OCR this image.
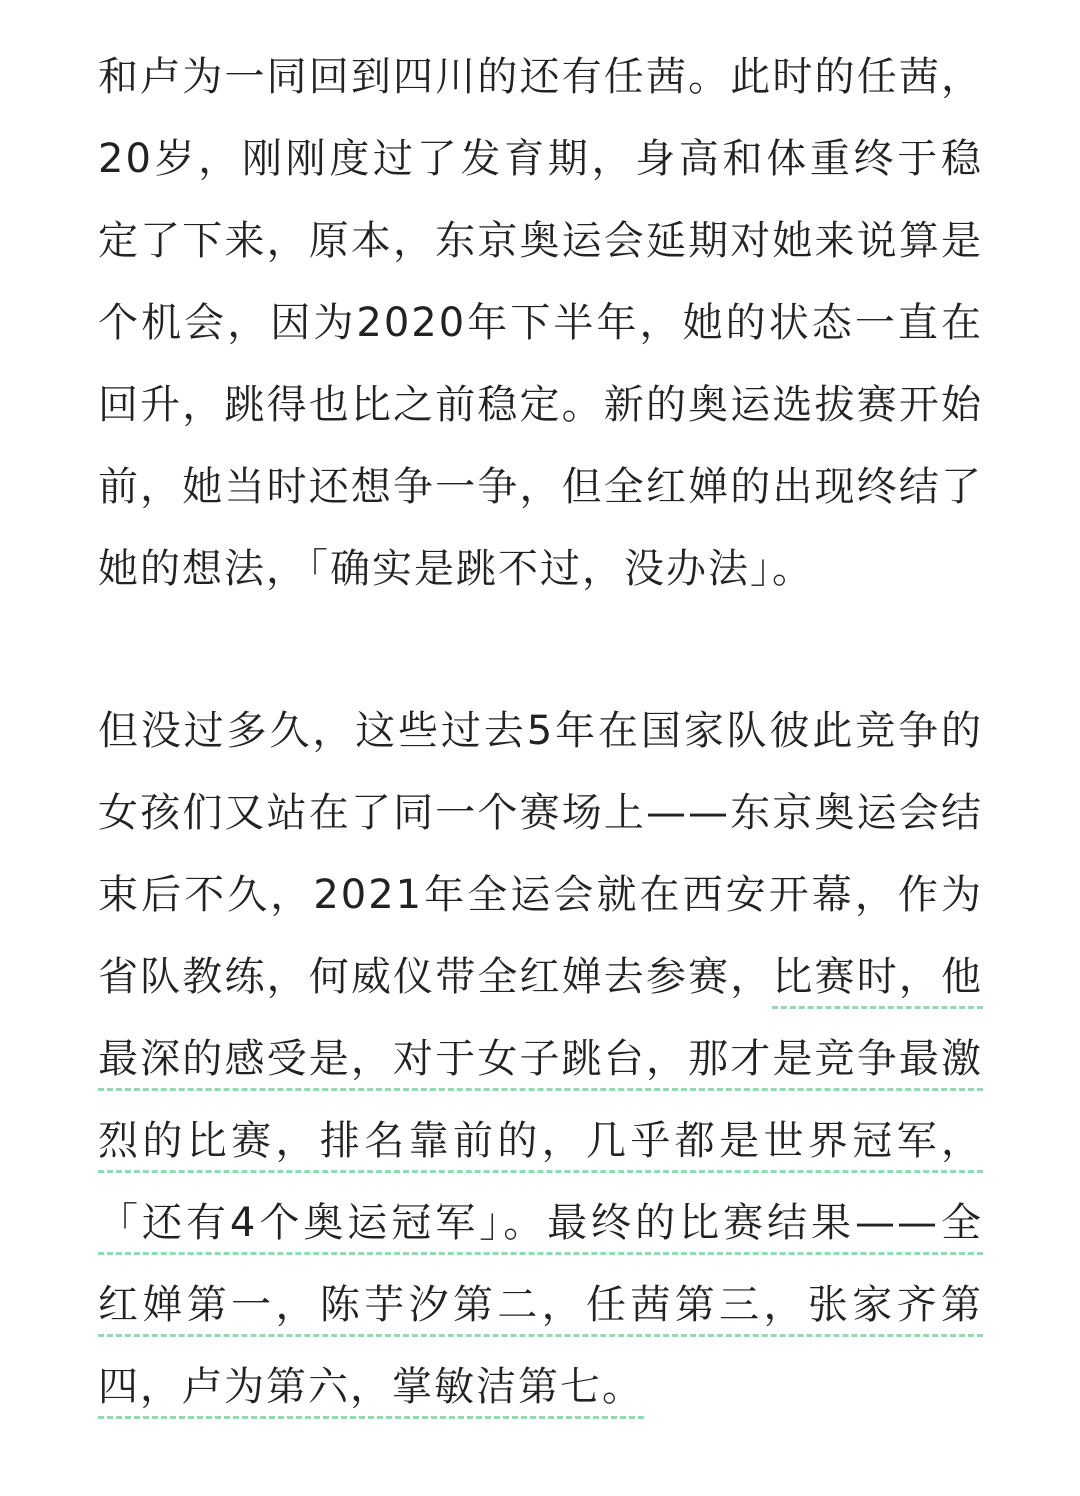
和卢为一同回到四川的还有任茜。此时的任茜，
20岁，刚刚度过了发育期，身高和体重终于稳
定了下来，原本，东京奥运会延期对她来说算是
个机会，因为2020年下半年，她的状态一直在
回升，跳得也比之前稳定。新的奥运选拔赛开始
前，她当时还想争一争，但全红婵的出现终结了
她的想法，「确实是跳不过，没办法」。
但没过多久，这些过去5年在国家队彼此竞争的
女孩们又站在了同一个赛场上——东京奥运会结
束后不久，2021年全运会就在西安开幕，作为
省队教练，何威仪带全红婵去参赛，比赛时，他
最深的感受是，对于女子跳台，那才是竞争最激
烈的比赛，排名靠前的，几乎都是世界冠军，
「还有4个奥运冠军」。最终的比赛结果——全
红婵第一，陈芋汐第二，任茜第三，张家齐第
四，卢为第六，掌敏洁第七。
